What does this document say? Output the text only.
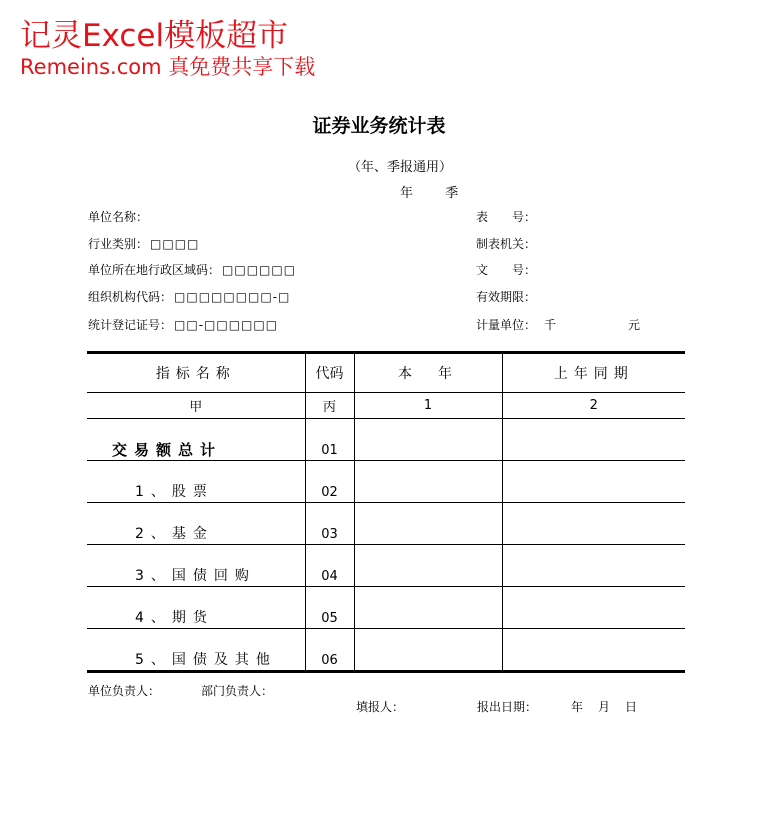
记灵Excel模板超市
Remeins.com 真免费共享下载
证券业务统计表
（年、季报通用）
年 季
单位名称：
行业类别： □□□□
单位所在地行政区域码： □□□□□□
组织机构代码： □□□□□□□□-□
统计登记证号： □□-□□□□□□
表　　号：
制表机关：
文　　号：
有效期限：
计量单位： 千	元
指标名称	代码	本　年	上年同期
甲	丙	1	2
交易额总计	01		
1、股票	02		
2、基金	03		
3、国债回购	04		
4、期货	05		
5、国债及其他	06		
单位负责人：	部门负责人：
填报人：	报出日期：	年 月 日
